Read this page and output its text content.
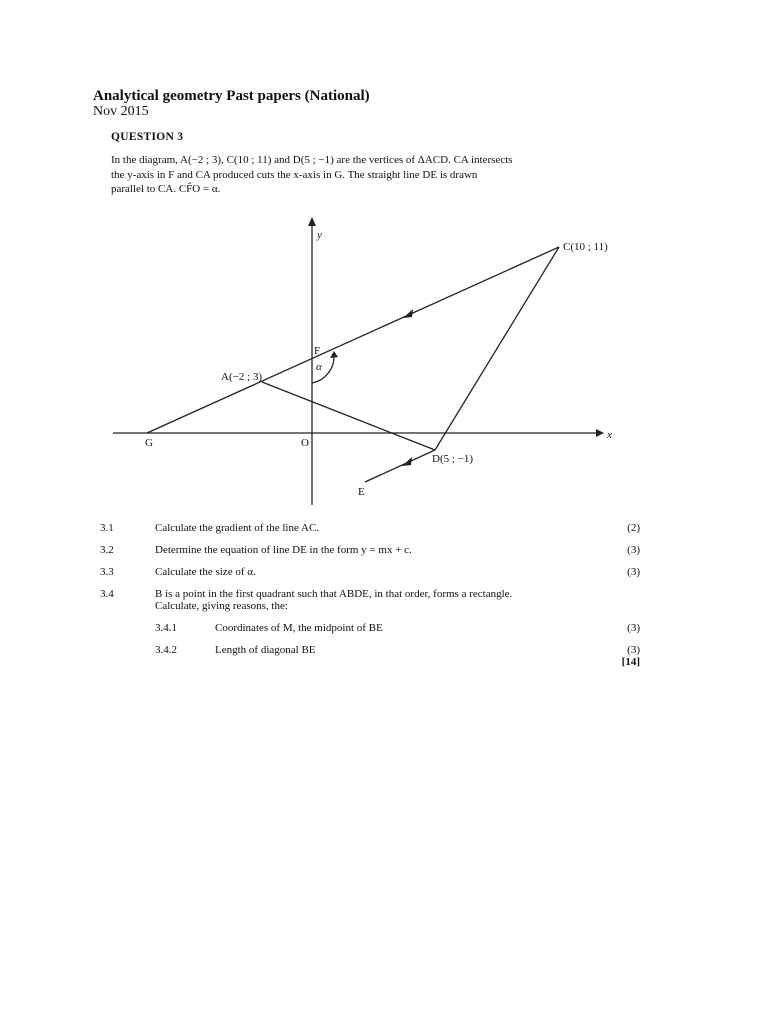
Analytical geometry Past papers (National)
Nov 2015
QUESTION 3

In the diagram, A(−2 ; 3), C(10 ; 11) and D(5 ; −1) are the vertices of ΔACD. CA intersects

the y-axis in F and CA produced cuts the x-axis in G. The straight line DE is drawn

parallel to CA. CF̂O = α.

y
x
C(10 ; 11)
A(−2 ; 3)
D(5 ; −1)
F
G	O
E
α
3.1	Calculate the gradient of the line AC.		(2)
3.2	Determine the equation of line DE in the form y = mx + c.		(3)
3.3	Calculate the size of α.		(3)
3.4	B is a point in the first quadrant such that ABDE, in that order, forms a rectangle.
Calculate, giving reasons, the:		

	3.4.1	Coordinates of M, the midpoint of BE	(3)
	3.4.2	Length of diagonal BE	(3)
			[14]
